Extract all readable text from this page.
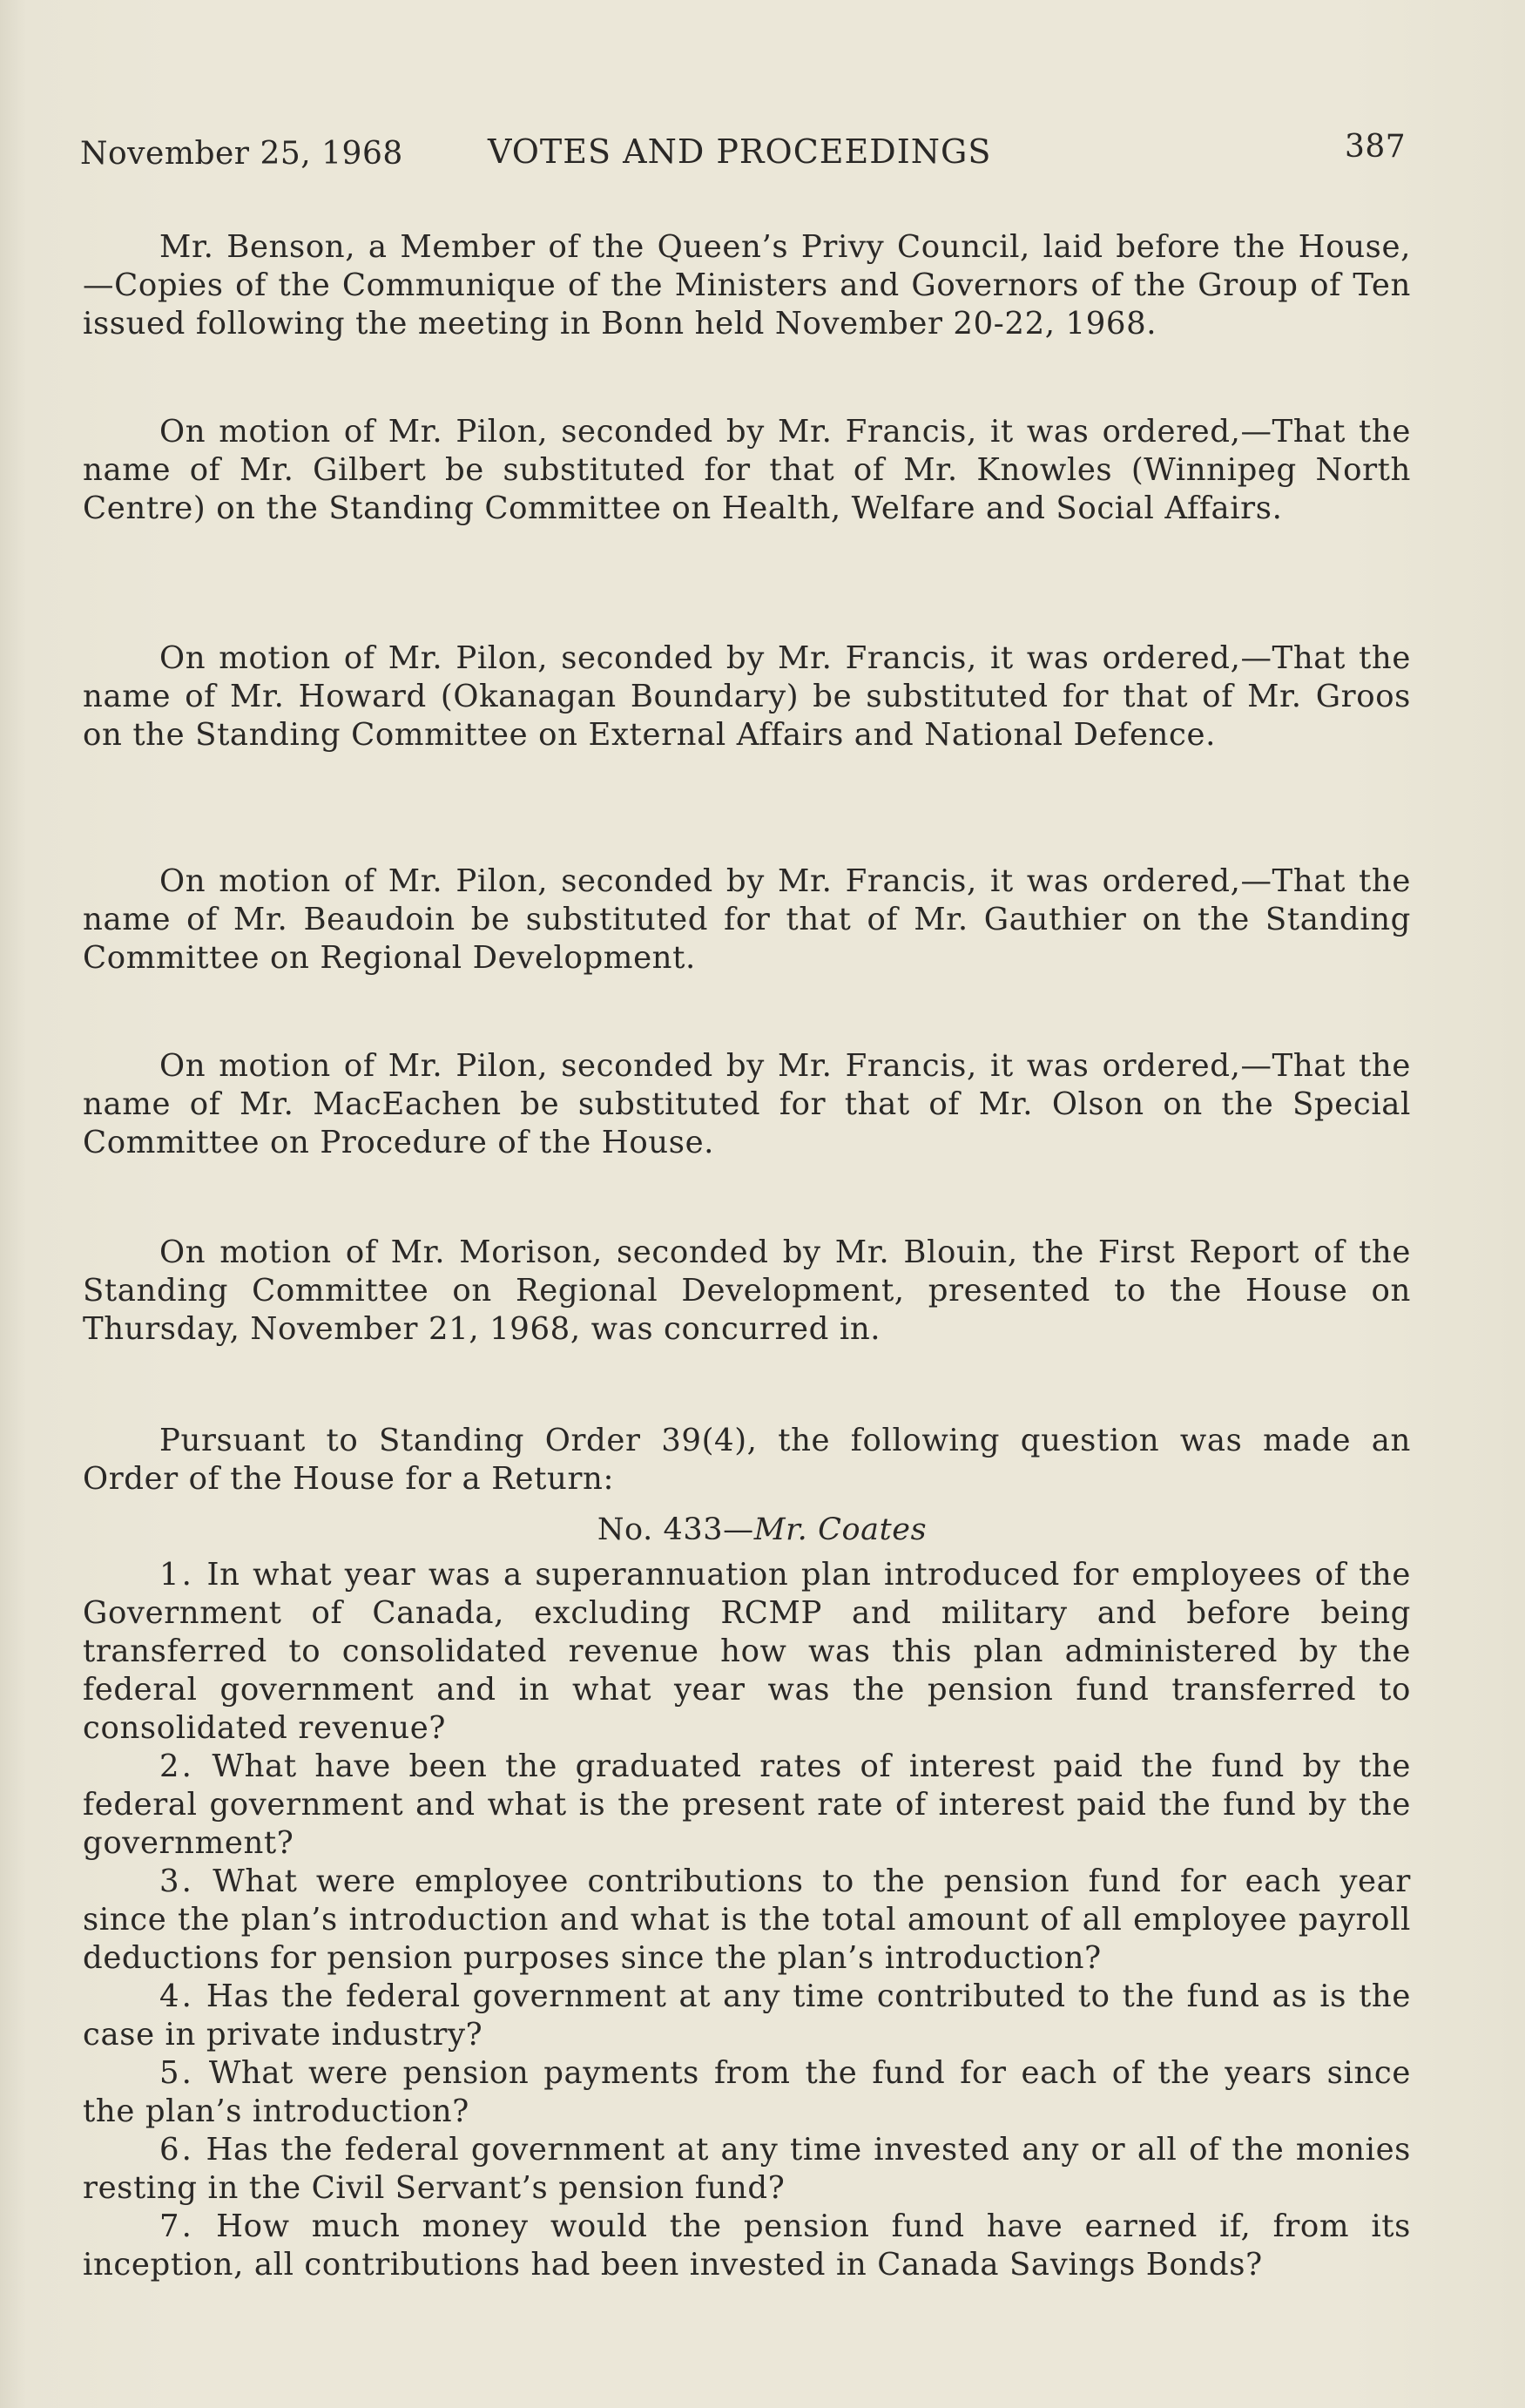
November 25, 1968	VOTES AND PROCEEDINGS	387

Mr. Benson, a Member of the Queen’s Privy Council, laid before the House, —Copies of the Communique of the Ministers and Governors of the Group of Ten issued following the meeting in Bonn held November 20-22, 1968.

On motion of Mr. Pilon, seconded by Mr. Francis, it was ordered,—That the name of Mr. Gilbert be substituted for that of Mr. Knowles (Winnipeg North Centre) on the Standing Committee on Health, Welfare and Social Affairs.

On motion of Mr. Pilon, seconded by Mr. Francis, it was ordered,—That the name of Mr. Howard (Okanagan Boundary) be substituted for that of Mr. Groos on the Standing Committee on External Affairs and National Defence.

On motion of Mr. Pilon, seconded by Mr. Francis, it was ordered,—That the name of Mr. Beaudoin be substituted for that of Mr. Gauthier on the Standing Committee on Regional Development.

On motion of Mr. Pilon, seconded by Mr. Francis, it was ordered,—That the name of Mr. MacEachen be substituted for that of Mr. Olson on the Special Committee on Procedure of the House.

On motion of Mr. Morison, seconded by Mr. Blouin, the First Report of the Standing Committee on Regional Development, presented to the House on Thursday, November 21, 1968, was concurred in.

Pursuant to Standing Order 39(4), the following question was made an Order of the House for a Return:

No. 433—Mr. Coates

1. In what year was a superannuation plan introduced for employees of the Government of Canada, excluding RCMP and military and before being transferred to consolidated revenue how was this plan administered by the federal government and in what year was the pension fund transferred to consolidated revenue?

2. What have been the graduated rates of interest paid the fund by the federal government and what is the present rate of interest paid the fund by the government?

3. What were employee contributions to the pension fund for each year since the plan’s introduction and what is the total amount of all employee payroll deductions for pension purposes since the plan’s introduction?

4. Has the federal government at any time contributed to the fund as is the case in private industry?

5. What were pension payments from the fund for each of the years since the plan’s introduction?

6. Has the federal government at any time invested any or all of the monies resting in the Civil Servant’s pension fund?

7. How much money would the pension fund have earned if, from its inception, all contributions had been invested in Canada Savings Bonds?
